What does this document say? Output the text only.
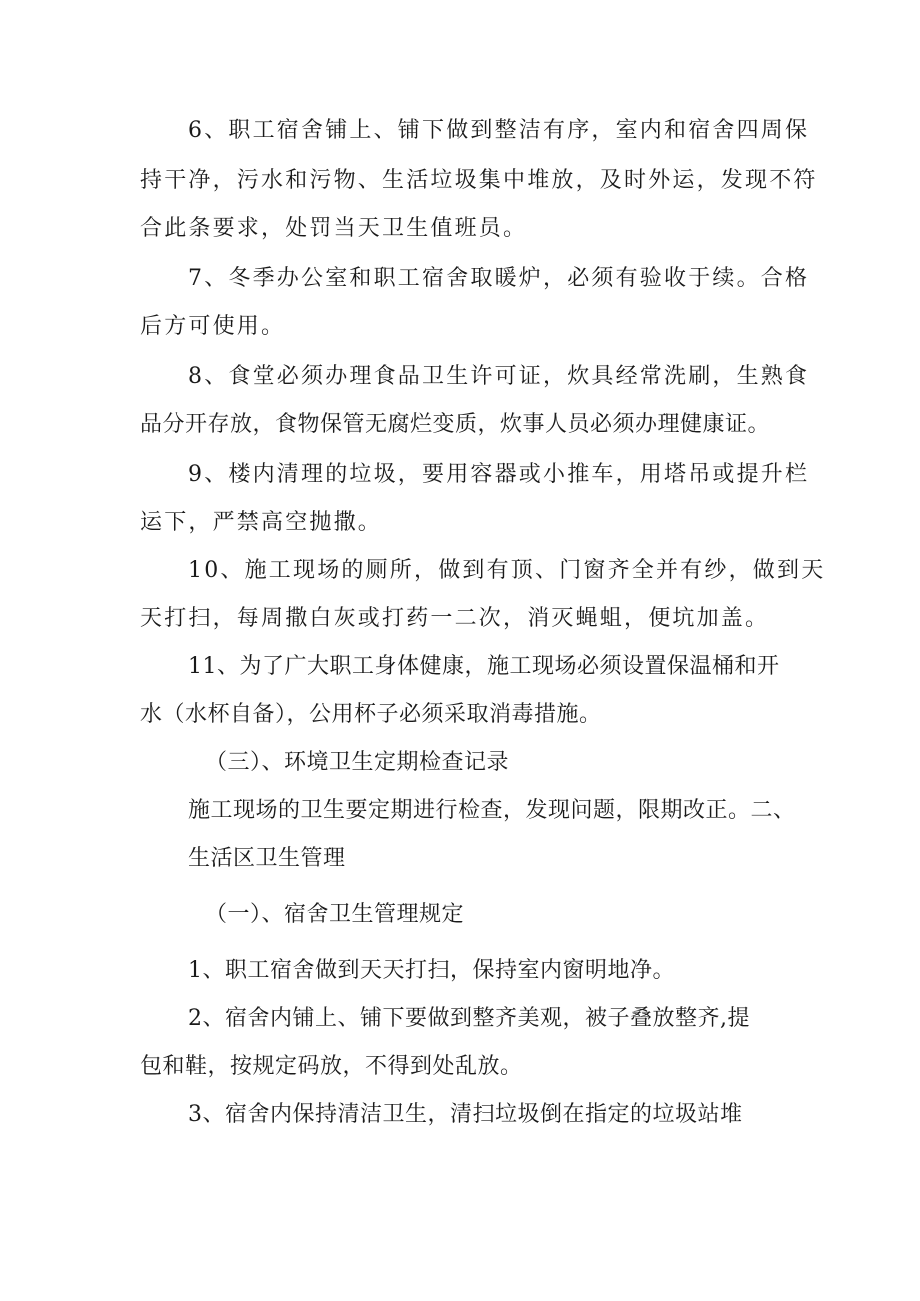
6、职工宿舍铺上、铺下做到整洁有序，室内和宿舍四周保
持干净，污水和污物、生活垃圾集中堆放，及时外运，发现不符
合此条要求，处罚当天卫生值班员。
7、冬季办公室和职工宿舍取暖炉，必须有验收于续。合格
后方可使用。
8、食堂必须办理食品卫生许可证，炊具经常洗刷，生熟食
品分开存放，食物保管无腐烂变质，炊事人员必须办理健康证。
9、楼内清理的垃圾，要用容器或小推车，用塔吊或提升栏
运下，严禁高空抛撒。
10、施工现场的厕所，做到有顶、门窗齐全并有纱，做到天
天打扫，每周撒白灰或打药一二次，消灭蝇蛆，便坑加盖。
11、为了广大职工身体健康，施工现场必须设置保温桶和开
水（水杯自备），公用杯子必须采取消毒措施。
（三）、环境卫生定期检查记录
施工现场的卫生要定期进行检查，发现问题，限期改正。二、
生活区卫生管理
（一）、宿舍卫生管理规定
1、职工宿舍做到天天打扫，保持室内窗明地净。
2、宿舍内铺上、铺下要做到整齐美观，被子叠放整齐,提
包和鞋，按规定码放，不得到处乱放。
3、宿舍内保持清洁卫生，清扫垃圾倒在指定的垃圾站堆
